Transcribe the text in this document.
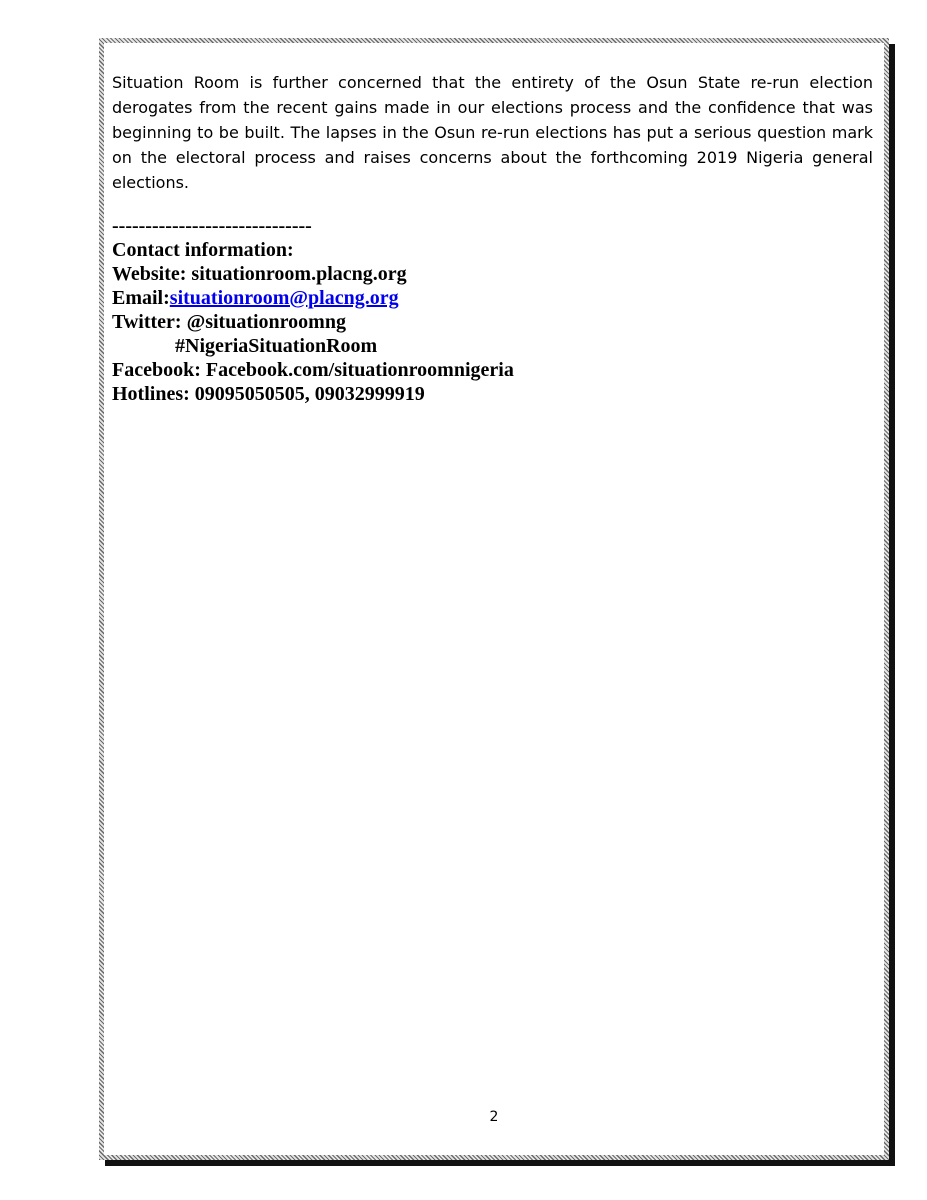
Situation Room is further concerned that the entirety of the Osun State re-run election derogates from the recent gains made in our elections process and the confidence that was beginning to be built. The lapses in the Osun re-run elections has put a serious question mark on the electoral process and raises concerns about the forthcoming 2019 Nigeria general elections.

------------------------------
Contact information:
Website: situationroom.placng.org
Email:situationroom@placng.org
Twitter: @situationroomng
#NigeriaSituationRoom
Facebook: Facebook.com/situationroomnigeria
Hotlines: 09095050505, 09032999919
2
